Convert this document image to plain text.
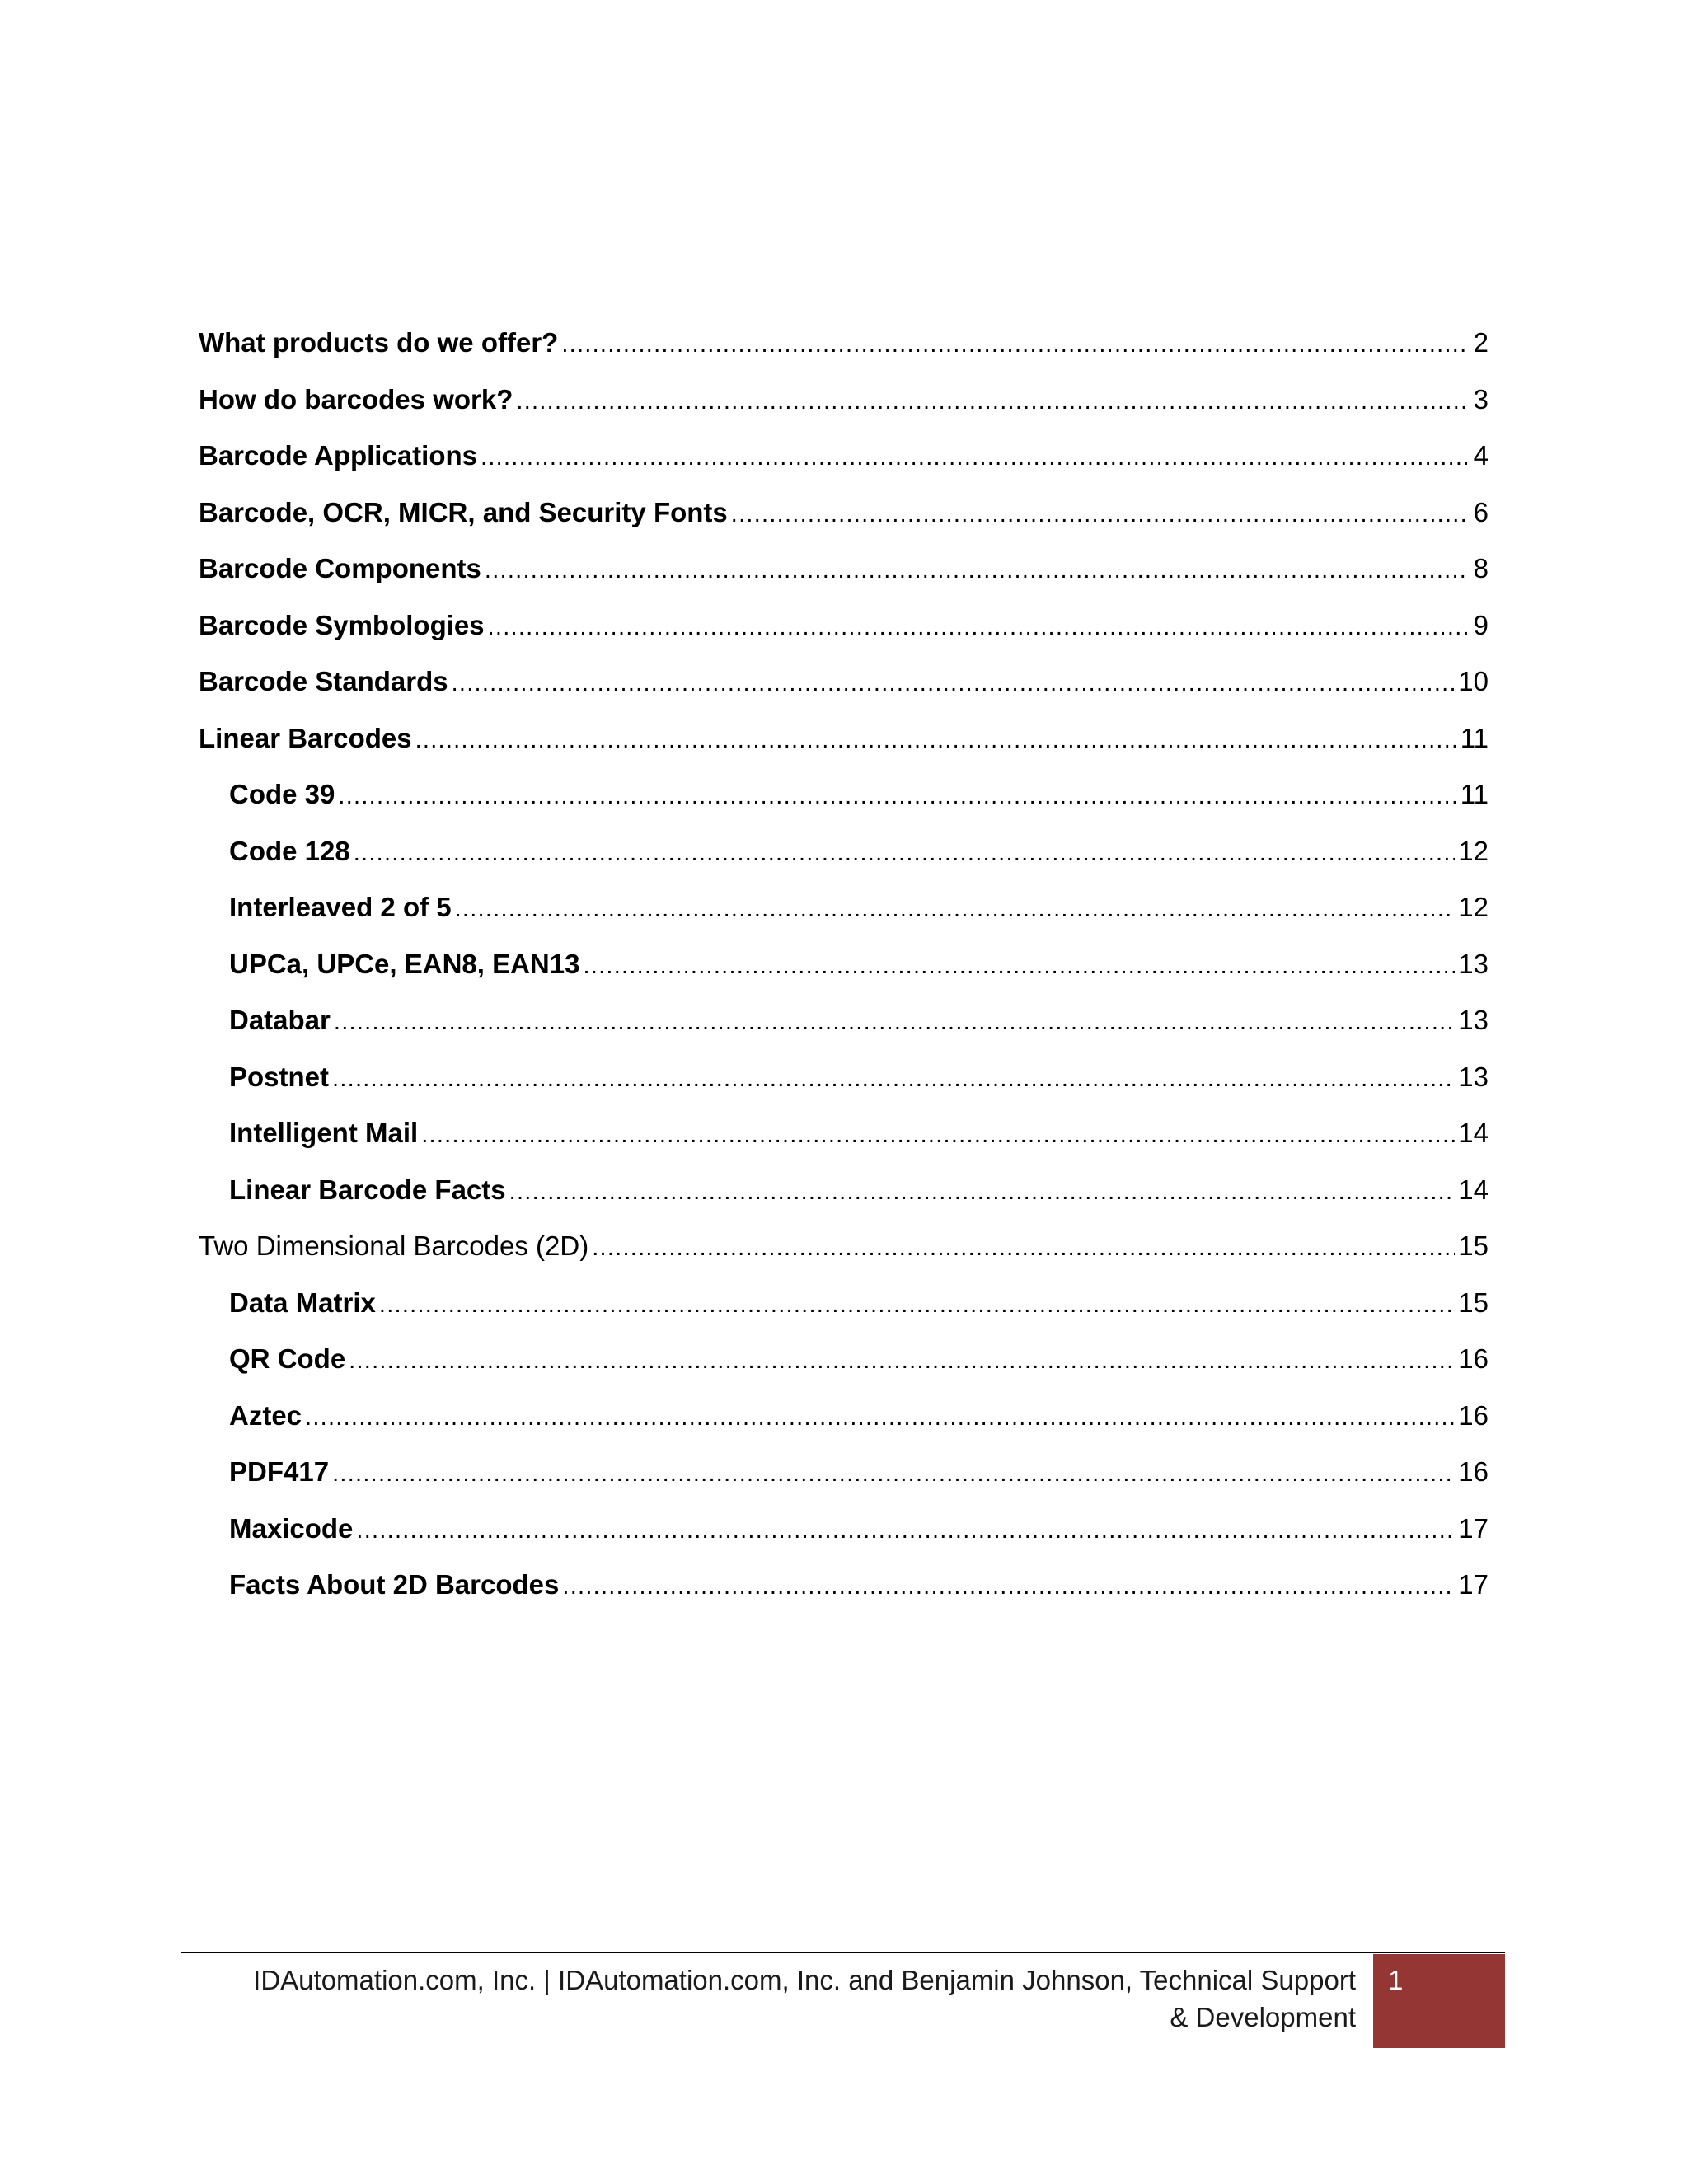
What products do we offer? . . .	2
How do barcodes work? . . .	3
Barcode Applications . . .	4
Barcode, OCR, MICR, and Security Fonts . . .	6
Barcode Components . . .	8
Barcode Symbologies . . .	9
Barcode Standards . . .	10
Linear Barcodes . . .	11
Code 39 . . .	11
Code 128 . . .	12
Interleaved 2 of 5 . . .	12
UPCa, UPCe, EAN8, EAN13 . . .	13
Databar . . .	13
Postnet . . .	13
Intelligent Mail . . .	14
Linear Barcode Facts . . .	14
Two Dimensional Barcodes (2D) . . .	15
Data Matrix . . .	15
QR Code . . .	16
Aztec . . .	16
PDF417 . . .	16
Maxicode . . .	17
Facts About 2D Barcodes . . .	17
IDAutomation.com, Inc. | IDAutomation.com, Inc. and Benjamin Johnson, Technical Support
& Development
1
